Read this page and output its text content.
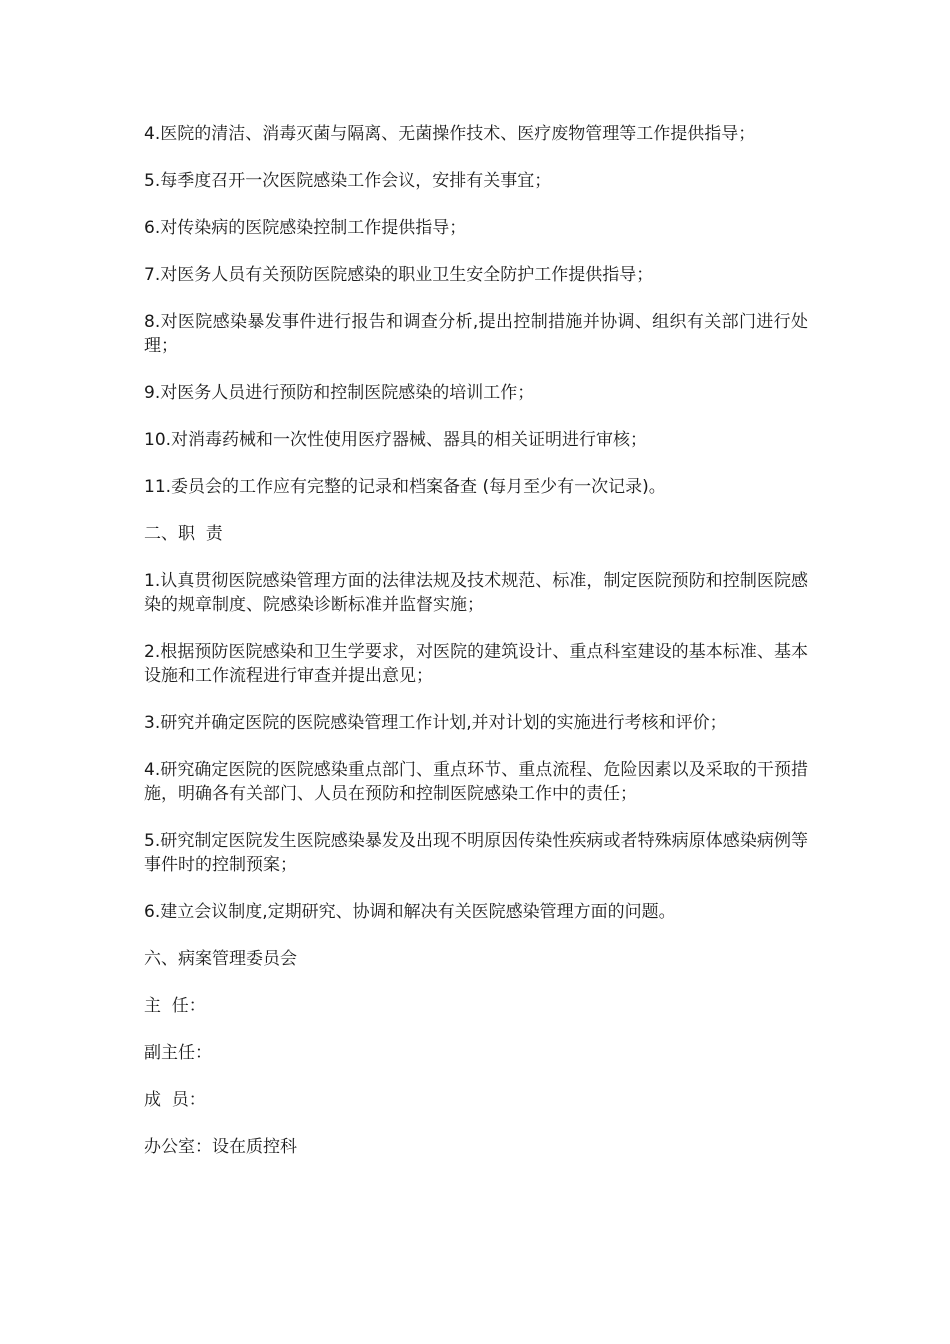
4.医院的清洁、消毒灭菌与隔离、无菌操作技术、医疗废物管理等工作提供指导；

5.每季度召开一次医院感染工作会议，安排有关事宜；

6.对传染病的医院感染控制工作提供指导；

7.对医务人员有关预防医院感染的职业卫生安全防护工作提供指导；

8.对医院感染暴发事件进行报告和调查分析,提出控制措施并协调、组织有关部门进行处理；

9.对医务人员进行预防和控制医院感染的培训工作；

10.对消毒药械和一次性使用医疗器械、器具的相关证明进行审核；

11.委员会的工作应有完整的记录和档案备查 (每月至少有一次记录)。

二、职  责

1.认真贯彻医院感染管理方面的法律法规及技术规范、标准，制定医院预防和控制医院感染的规章制度、院感染诊断标准并监督实施；

2.根据预防医院感染和卫生学要求，对医院的建筑设计、重点科室建设的基本标准、基本设施和工作流程进行审查并提出意见；

3.研究并确定医院的医院感染管理工作计划,并对计划的实施进行考核和评价；

4.研究确定医院的医院感染重点部门、重点环节、重点流程、危险因素以及采取的干预措施，明确各有关部门、人员在预防和控制医院感染工作中的责任；

5.研究制定医院发生医院感染暴发及出现不明原因传染性疾病或者特殊病原体感染病例等事件时的控制预案；

6.建立会议制度,定期研究、协调和解决有关医院感染管理方面的问题。

六、病案管理委员会

主  任：

副主任：

成  员：

办公室：设在质控科
